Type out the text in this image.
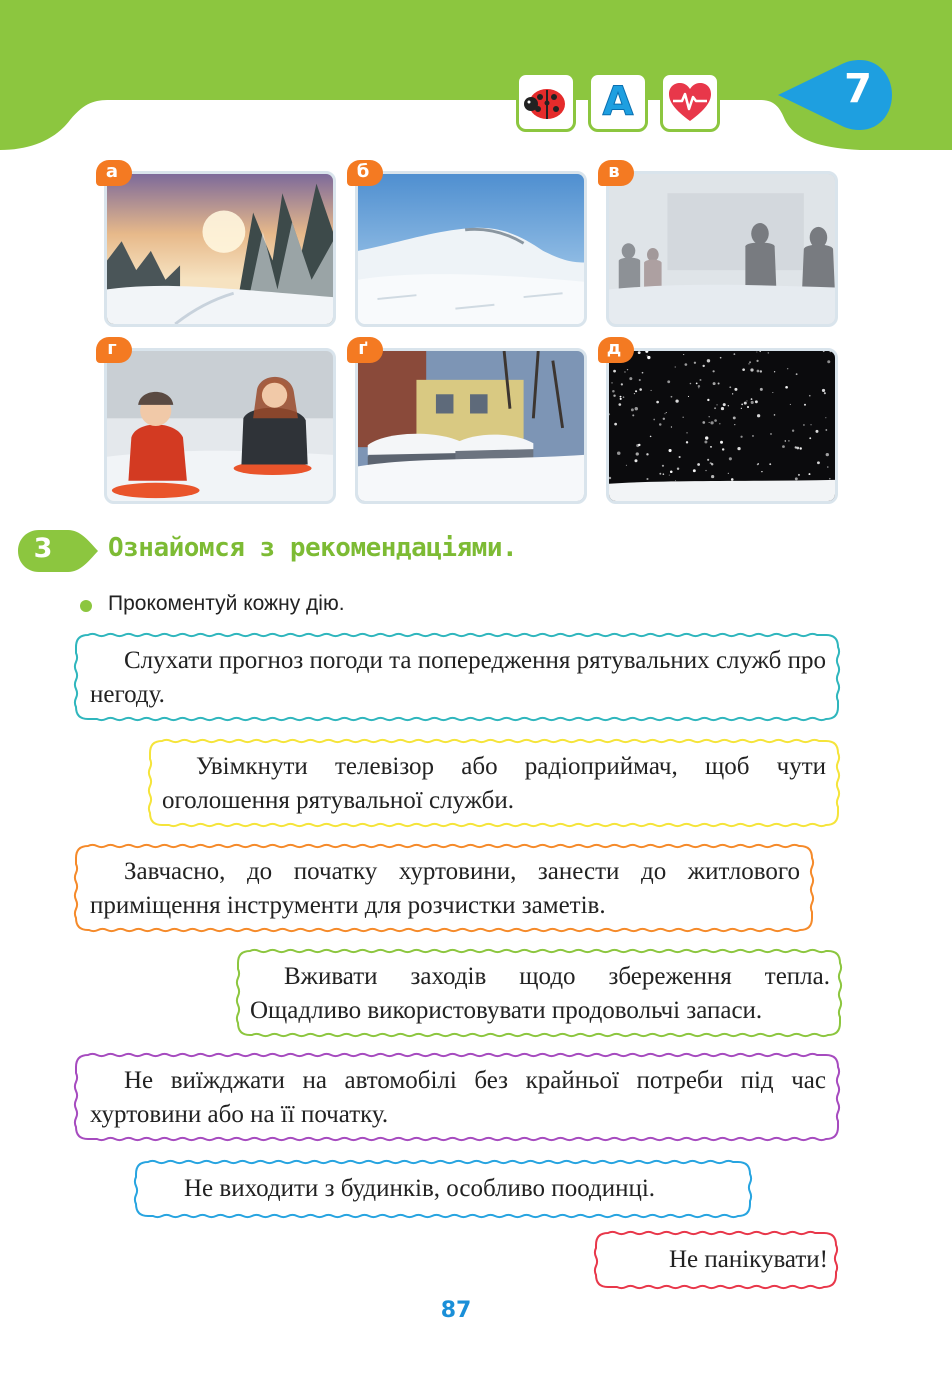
A	7
а	б	в
г	ґ	д
3 Ознайомся з рекомендаціями.
Прокоментуй кожну дію.
Слухати прогноз погоди та попередження рятувальних служб про негоду.
Увімкнути телевізор або радіоприймач, щоб чути оголошення рятувальної служби.
Завчасно, до початку хуртовини, занести до житлового приміщення інструменти для розчистки заметів.
Вживати заходів щодо збереження тепла. Ощадливо використовувати продовольчі запаси.
Не виїжджати на автомобілі без крайньої потреби під час хуртовини або на її початку.
Не виходити з будинків, особливо поодинці.
Не панікувати!
87
